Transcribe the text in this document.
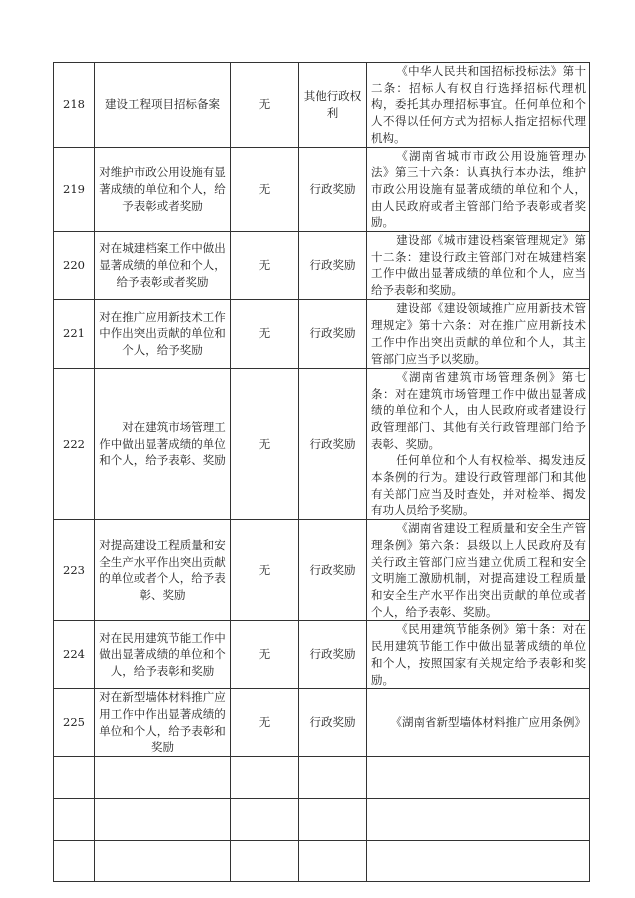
218	建设工程项目招标备案	无	其他行政权利	《中华人民共和国招标投标法》第十二条：招标人有权自行选择招标代理机构，委托其办理招标事宜。任何单位和个人不得以任何方式为招标人指定招标代理机构。

219	对维护市政公用设施有显著成绩的单位和个人，给予表彰或者奖励	无	行政奖励	《湖南省城市市政公用设施管理办法》第三十六条：认真执行本办法，维护市政公用设施有显著成绩的单位和个人，由人民政府或者主管部门给予表彰或者奖励。

220	对在城建档案工作中做出显著成绩的单位和个人，给予表彰或者奖励	无	行政奖励	建设部《城市建设档案管理规定》第十二条：建设行政主管部门对在城建档案工作中做出显著成绩的单位和个人，应当给予表彰和奖励。

221	对在推广应用新技术工作中作出突出贡献的单位和个人，给予奖励	无	行政奖励	建设部《建设领域推广应用新技术管理规定》第十六条：对在推广应用新技术工作中作出突出贡献的单位和个人，其主管部门应当予以奖励。

222	对在建筑市场管理工作中做出显著成绩的单位和个人，给予表彰、奖励	无	行政奖励	《湖南省建筑市场管理条例》第七条：对在建筑市场管理工作中做出显著成绩的单位和个人，由人民政府或者建设行政管理部门、其他有关行政管理部门给予表彰、奖励。

任何单位和个人有权检举、揭发违反本条例的行为。建设行政管理部门和其他有关部门应当及时查处，并对检举、揭发有功人员给予奖励。

223	对提高建设工程质量和安全生产水平作出突出贡献的单位或者个人，给予表彰、奖励	无	行政奖励	《湖南省建设工程质量和安全生产管理条例》第六条：县级以上人民政府及有关行政主管部门应当建立优质工程和安全文明施工激励机制，对提高建设工程质量和安全生产水平作出突出贡献的单位或者个人，给予表彰、奖励。

224	对在民用建筑节能工作中做出显著成绩的单位和个人，给予表彰和奖励	无	行政奖励	《民用建筑节能条例》第十条：对在民用建筑节能工作中做出显著成绩的单位和个人，按照国家有关规定给予表彰和奖励。

225	对在新型墙体材料推广应用工作中作出显著成绩的单位和个人，给予表彰和奖励	无	行政奖励	《湖南省新型墙体材料推广应用条例》
